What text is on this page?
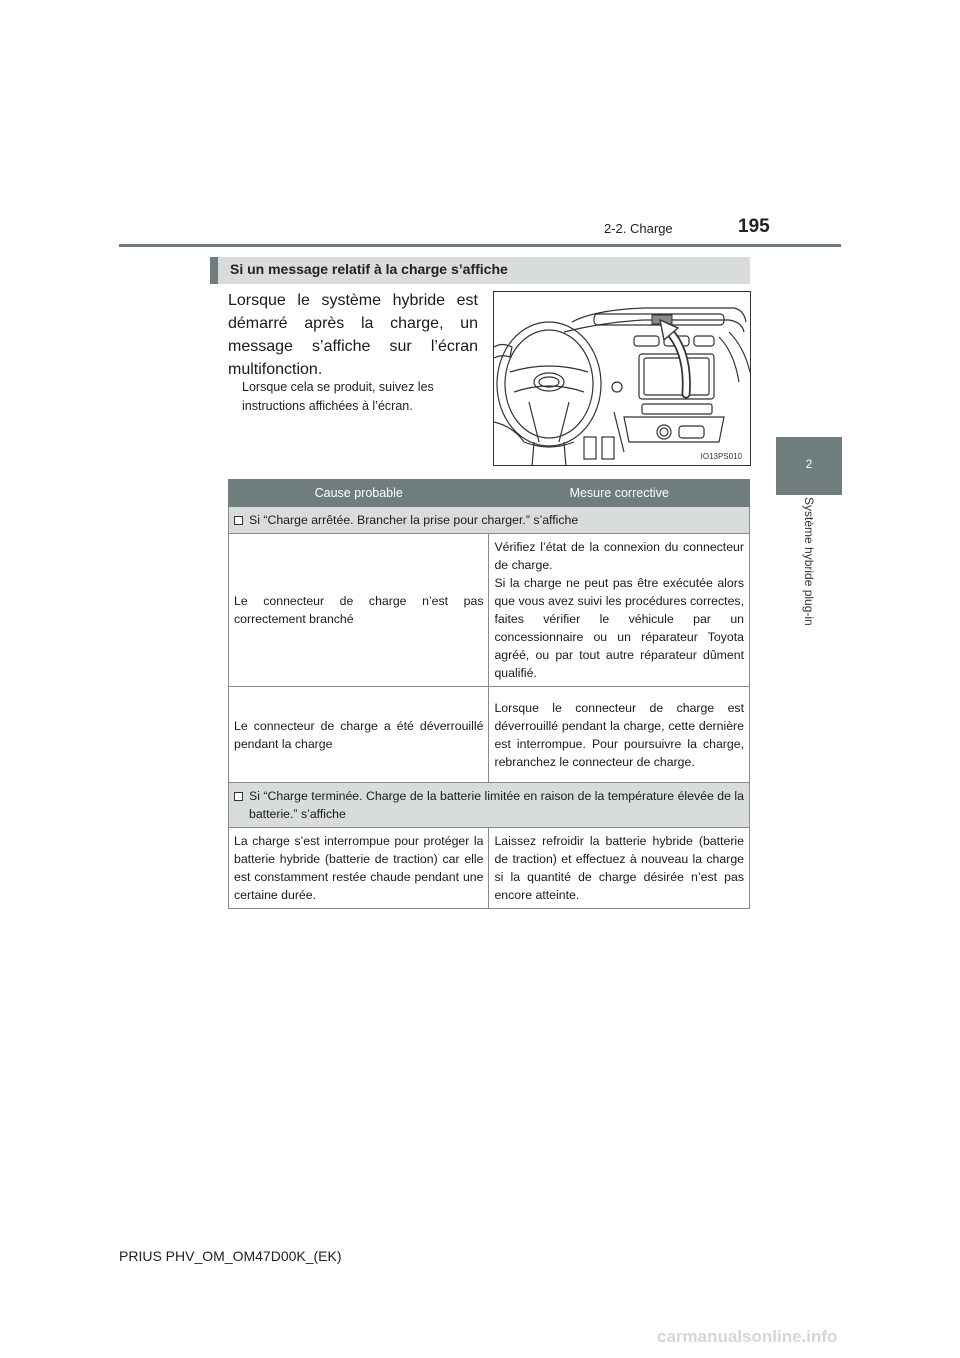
2-2. Charge	195
2
Système hybride plug-in
Si un message relatif à la charge s’affiche

Lorsque le système hybride est démarré après la charge, un message s’affiche sur l’écran multifonction.

Lorsque cela se produit, suivez les instructions affichées à l’écran.

IO13PS010
Cause probable	Mesure corrective

Si “Charge arrêtée. Brancher la prise pour charger.” s’affiche	

Le connecteur de charge n’est pas correctement branché	Vérifiez l’état de la connexion du connecteur de charge.
Si la charge ne peut pas être exécutée alors que vous avez suivi les procédures correctes, faites vérifier le véhicule par un concessionnaire ou un réparateur Toyota agréé, ou par tout autre réparateur dûment qualifié.
Le connecteur de charge a été déverrouillé pendant la charge	Lorsque le connecteur de charge est déverrouillé pendant la charge, cette dernière est interrompue. Pour poursuivre la charge, rebranchez le connecteur de charge.

Si “Charge terminée. Charge de la batterie limitée en raison de la température élevée de la batterie.” s’affiche	

La charge s’est interrompue pour protéger la batterie hybride (batterie de traction) car elle est constamment restée chaude pendant une certaine durée.	Laissez refroidir la batterie hybride (batterie de traction) et effectuez à nouveau la charge si la quantité de charge désirée n’est pas encore atteinte.
PRIUS PHV_OM_OM47D00K_(EK)
carmanualsonline.info
